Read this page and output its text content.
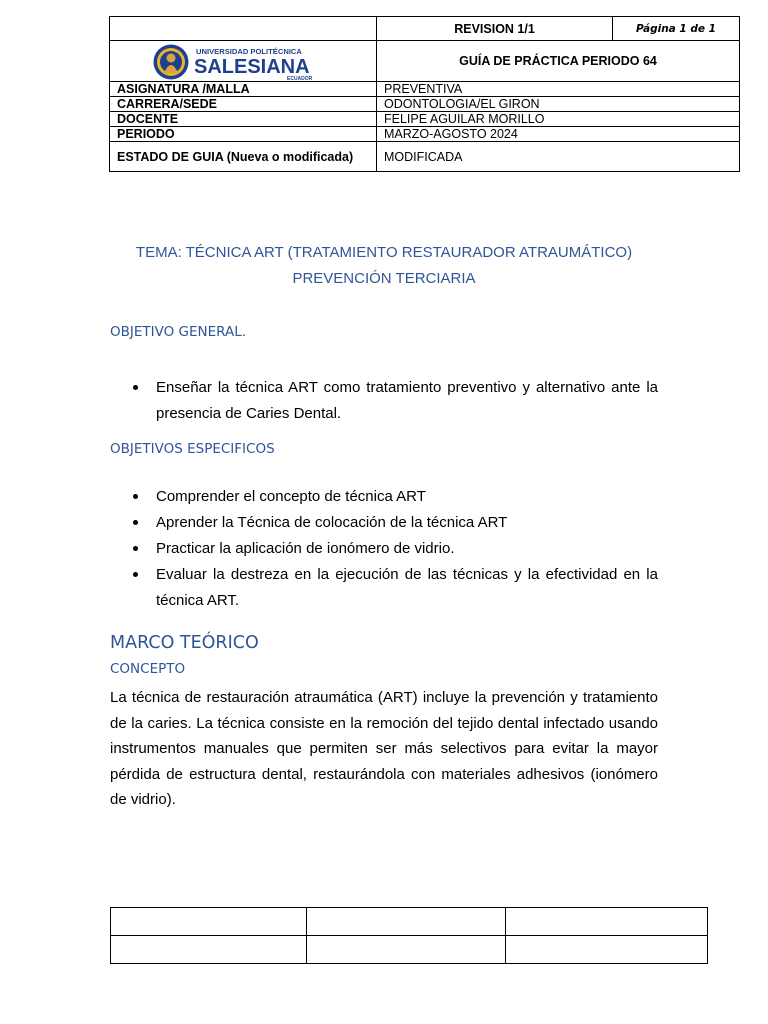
	REVISION 1/1	Página 1 de 1

UNIVERSIDAD POLITÉCNICA
SALESIANA
ECUADOR	GUÍA DE PRÁCTICA PERIODO 64	
ASIGNATURA /MALLA	PREVENTIVA	
CARRERA/SEDE	ODONTOLOGIA/EL GIRON	
DOCENTE	FELIPE AGUILAR MORILLO	
PERIODO	MARZO-AGOSTO 2024	
ESTADO DE GUIA (Nueva o modificada)	MODIFICADA	
TEMA: TÉCNICA ART (TRATAMIENTO RESTAURADOR ATRAUMÁTICO)
PREVENCIÓN TERCIARIA
OBJETIVO GENERAL.
Enseñar la técnica ART como tratamiento preventivo y alternativo ante la presencia de Caries Dental.
OBJETIVOS ESPECIFICOS
Comprender el concepto de técnica ART
Aprender la Técnica de colocación de la técnica ART
Practicar la aplicación de ionómero de vidrio.
Evaluar la destreza en la ejecución de las técnicas y la efectividad en la técnica ART.
MARCO TEÓRICO
CONCEPTO
La técnica de restauración atraumática (ART) incluye la prevención y tratamiento de la caries. La técnica consiste en la remoción del tejido dental infectado usando instrumentos manuales que permiten ser más selectivos para evitar la mayor pérdida de estructura dental, restaurándola con materiales adhesivos (ionómero de vidrio).
